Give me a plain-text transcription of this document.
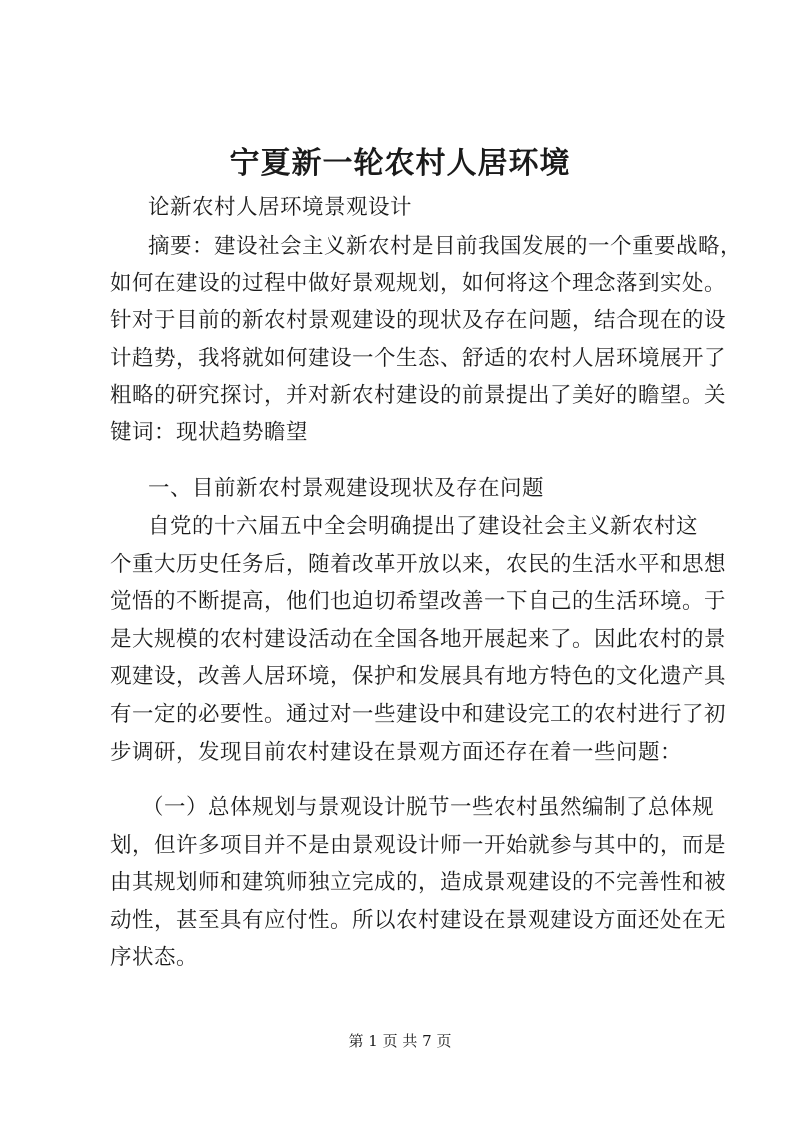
宁夏新一轮农村人居环境
论新农村人居环境景观设计
摘要：建设社会主义新农村是目前我国发展的一个重要战略，
如何在建设的过程中做好景观规划，如何将这个理念落到实处。
针对于目前的新农村景观建设的现状及存在问题，结合现在的设
计趋势，我将就如何建设一个生态、舒适的农村人居环境展开了
粗略的研究探讨，并对新农村建设的前景提出了美好的瞻望。关
键词：现状趋势瞻望
一、目前新农村景观建设现状及存在问题
自党的十六届五中全会明确提出了建设社会主义新农村这
个重大历史任务后，随着改革开放以来，农民的生活水平和思想
觉悟的不断提高，他们也迫切希望改善一下自己的生活环境。于
是大规模的农村建设活动在全国各地开展起来了。因此农村的景
观建设，改善人居环境，保护和发展具有地方特色的文化遗产具
有一定的必要性。通过对一些建设中和建设完工的农村进行了初
步调研，发现目前农村建设在景观方面还存在着一些问题：
（一）总体规划与景观设计脱节一些农村虽然编制了总体规
划，但许多项目并不是由景观设计师一开始就参与其中的，而是
由其规划师和建筑师独立完成的，造成景观建设的不完善性和被
动性，甚至具有应付性。所以农村建设在景观建设方面还处在无
序状态。
第 1 页 共 7 页
